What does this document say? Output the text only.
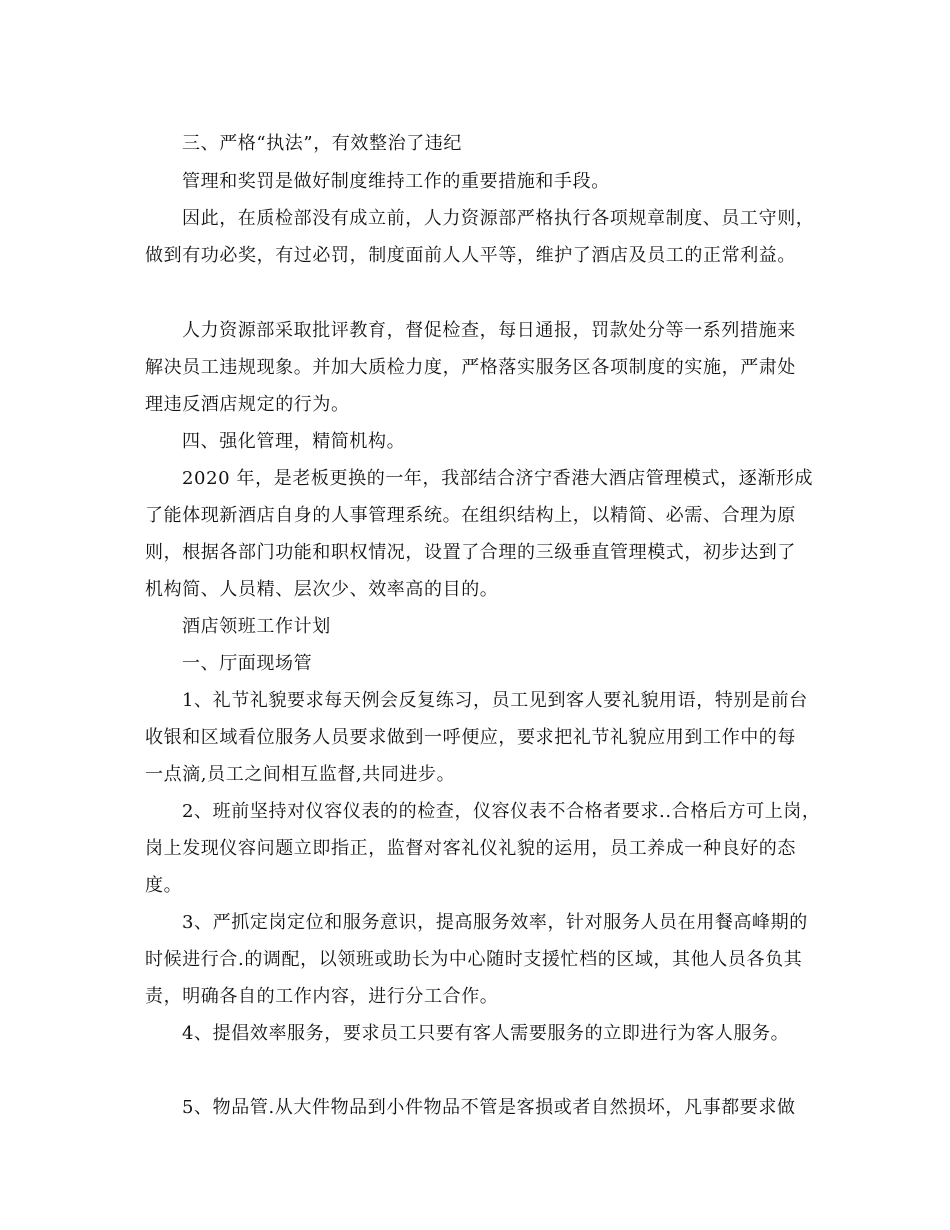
三、严格“执法”，有效整治了违纪
管理和奖罚是做好制度维持工作的重要措施和手段。
因此，在质检部没有成立前，人力资源部严格执行各项规章制度、员工守则，
做到有功必奖，有过必罚，制度面前人人平等，维护了酒店及员工的正常利益。
人力资源部采取批评教育，督促检查，每日通报，罚款处分等一系列措施来
解决员工违规现象。并加大质检力度，严格落实服务区各项制度的实施，严肃处
理违反酒店规定的行为。
四、强化管理，精简机构。
2020 年，是老板更换的一年，我部结合济宁香港大酒店管理模式，逐渐形成
了能体现新酒店自身的人事管理系统。在组织结构上，以精简、必需、合理为原
则，根据各部门功能和职权情况，设置了合理的三级垂直管理模式，初步达到了
机构简、人员精、层次少、效率高的目的。
酒店领班工作计划
一、厅面现场管
1、礼节礼貌要求每天例会反复练习，员工见到客人要礼貌用语，特别是前台
收银和区域看位服务人员要求做到一呼便应，要求把礼节礼貌应用到工作中的每
一点滴,员工之间相互监督,共同进步。
2、班前坚持对仪容仪表的的检查，仪容仪表不合格者要求..合格后方可上岗，
岗上发现仪容问题立即指正，监督对客礼仪礼貌的运用，员工养成一种良好的态
度。
3、严抓定岗定位和服务意识，提高服务效率，针对服务人员在用餐高峰期的
时候进行合.的调配，以领班或助长为中心随时支援忙档的区域，其他人员各负其
责，明确各自的工作内容，进行分工合作。
4、提倡效率服务，要求员工只要有客人需要服务的立即进行为客人服务。
5、物品管.从大件物品到小件物品不管是客损或者自然损坏，凡事都要求做
